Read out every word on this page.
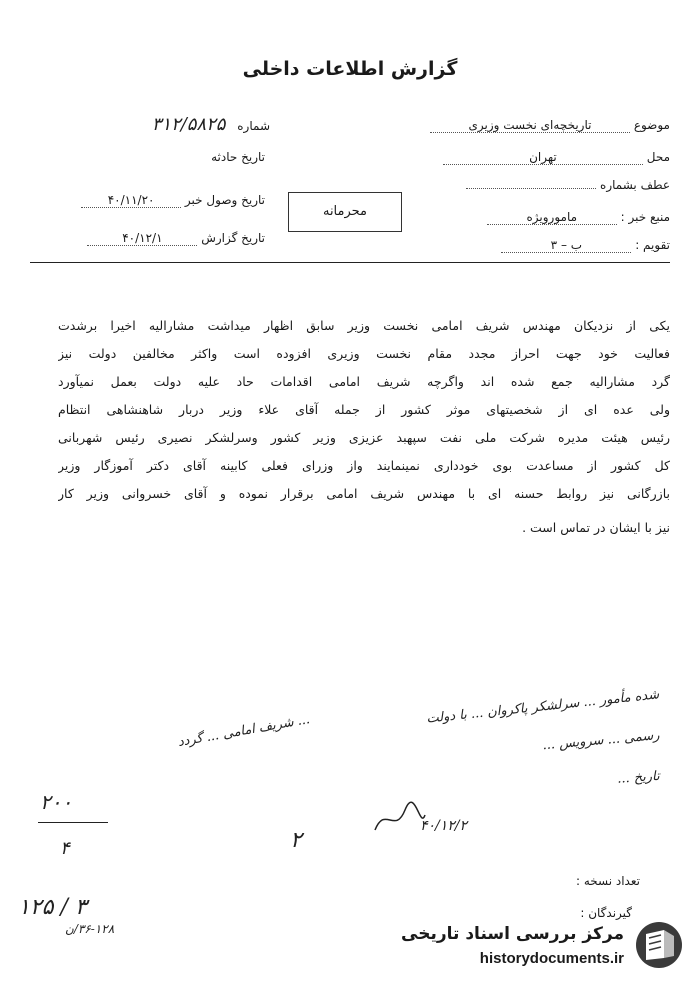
گزارش اطلاعات داخلی
موضوع تاریخچه‌ای نخست وزیری
محل تهران
عطف بشماره
منبع خبر : مامورویژه
تقویم : ب – ۳
شماره ۳۱۲/۵۸۲۵
تاریخ حادثه
تاریخ وصول خبر ۴۰/۱۱/۲۰
تاریخ گزارش ۴۰/۱۲/۱
محرمانه
یکی از نزدیکان مهندس شریف امامی نخست وزیر سابق اظهار میداشت مشارالیه اخیرا برشدت
فعالیت خود جهت احراز مجدد مقام نخست وزیری افزوده است واکثر مخالفین دولت نیز
گرد مشارالیه جمع شده اند واگرچه شریف امامی اقدامات حاد علیه دولت بعمل نمیآورد
ولی عده ای از شخصیتهای موثر کشور از جمله آقای علاء وزیر دربار شاهنشاهی انتظام
رئیس هیئت مدیره شرکت ملی نفت سپهبد عزیزی وزیر کشور وسرلشکر نصیری رئیس شهربانی
کل کشور از مساعدت بوی خودداری نمینمایند واز وزرای فعلی کابینه آقای دکتر آموزگار وزیر
بازرگانی نیز روابط حسنه ای با مهندس شریف امامی برقرار نموده و آقای خسروانی وزیر کار
نیز با ایشان در تماس است .
شده مأمور ... سرلشکر پاکروان ... با دولت
رسمی ... سرویس ...
تاریخ ...
۴۰/۱۲/۲
... شریف امامی ... گردد
۲۰۰
۴	۲
۱۲۵ / ۳
۳۶-۱۲۸/ن
تعداد نسخه :
گیرندگان :
مرکز بررسی اسناد تاریخی
historydocuments.ir
